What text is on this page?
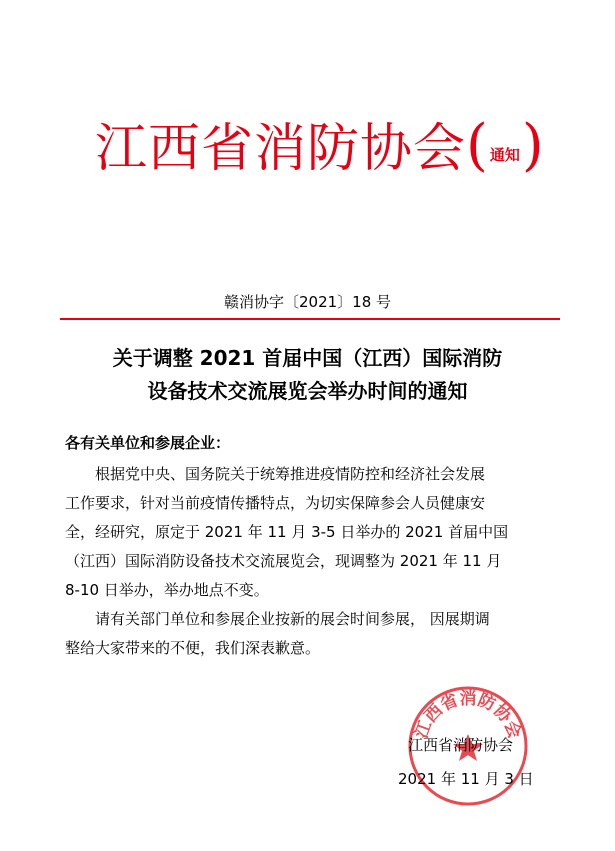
江西省消防协会( 通知)
赣消协字〔2021〕18 号
关于调整 2021 首届中国（江西）国际消防
设备技术交流展览会举办时间的通知
各有关单位和参展企业：
　　根据党中央、国务院关于统筹推进疫情防控和经济社会发展
工作要求，针对当前疫情传播特点，为切实保障参会人员健康安
全，经研究，原定于 2021 年 11 月 3-5 日举办的 2021 首届中国
（江西）国际消防设备技术交流展览会，现调整为 2021 年 11 月
8-10 日举办，举办地点不变。
　　请有关部门单位和参展企业按新的展会时间参展， 因展期调
整给大家带来的不便，我们深表歉意。
江西省消防协会
江西省消防协会
2021 年 11 月 3 日
